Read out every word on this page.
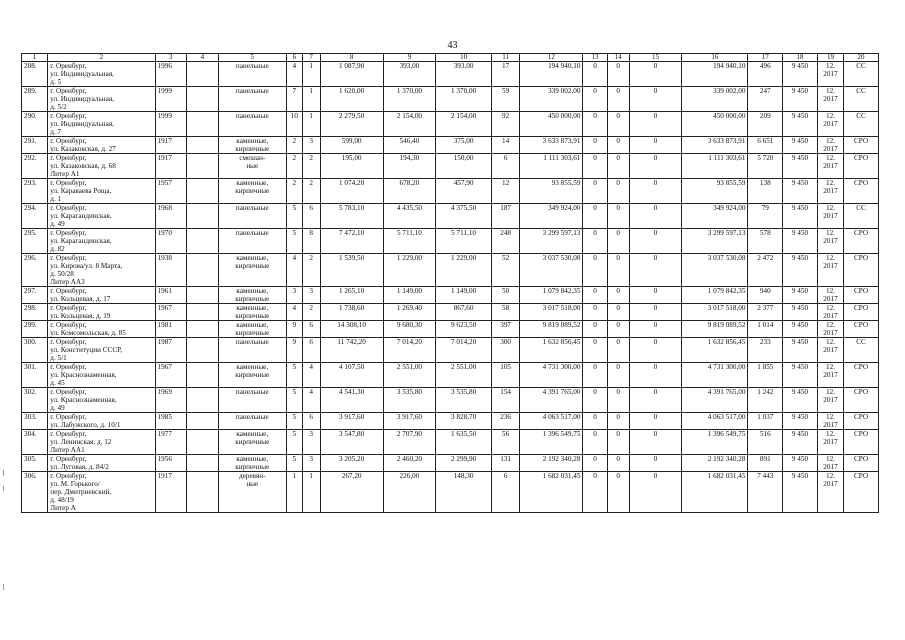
43
1	2	3	4	5	6	7	8	9	10	11	12	13	14	15	16	17	18	19	20
288.	г. Оренбург,
ул. Индивидуальная,
д. 5	1996		панельные	4	1	1 087,90	393,00	393,00	17	194 940,10	0	0	0	194 940,10	496	9 450	12.
2017	СС
289.	г. Оренбург,
ул. Индивидуальная,
д. 5/2	1999		панельные	7	1	1 620,00	1 370,00	1 370,00	59	339 002,00	0	0	0	339 002,00	247	9 450	12.
2017	СС
290.	г. Оренбург,
ул. Индивидуальная,
д. 7	1999		панельные	10	1	2 279,50	2 154,00	2 154,00	92	450 000,00	0	0	0	450 000,00	209	9 450	12.
2017	СС
291.	г. Оренбург,
ул. Казаковская, д. 27	1917		каменные,
кирпичные	2	3	599,00	546,40	375,00	14	3 633 873,91	0	0	0	3 633 873,91	6 651	9 450	12.
2017	СРО
292.	г. Оренбург,
ул. Казаковская, д. 68
Литер А1	1917		смешан-
ные	2	2	195,00	194,30	150,00	6	1 111 303,61	0	0	0	1 111 303,61	5 720	9 450	12.
2017	СРО
293.	г. Оренбург,
ул. Караваева Роща,
д. 1	1957		каменные,
кирпичные	2	2	1 074,20	678,20	457,90	12	93 855,59	0	0	0	93 855,59	138	9 450	12.
2017	СРО
294.	г. Оренбург,
ул. Карагандинская,
д. 49	1968		панельные	5	6	5 783,10	4 435,50	4 375,50	187	349 924,00	0	0	0	349 924,00	79	9 450	12.
2017	СС
295.	г. Оренбург,
ул. Карагандинская,
д. 82	1970		панельные	5	8	7 472,10	5 711,10	5 711,10	248	3 299 597,13	0	0	0	3 299 597,13	578	9 450	12.
2017	СРО
296.	г. Оренбург,
ул. Кирова/ул. 8 Марта,
д. 50/28
Литер АА3	1938		каменные,
кирпичные	4	2	1 539,50	1 229,00	1 229,00	52	3 037 530,08	0	0	0	3 037 530,08	2 472	9 450	12.
2017	СРО
297.	г. Оренбург,
ул. Кольцевая, д. 17	1961		каменные,
кирпичные	3	3	1 265,10	1 149,00	1 149,00	50	1 079 842,35	0	0	0	1 079 842,35	940	9 450	12.
2017	СРО
298.	г. Оренбург,
ул. Кольцевая, д. 19	1967		каменные,
кирпичные	4	2	1 738,60	1 269,40	867,60	58	3 017 518,00	0	0	0	3 017 518,00	2 377	9 450	12.
2017	СРО
299.	г. Оренбург,
ул. Комсомольская, д. 85	1981		каменные,
кирпичные	9	6	14 308,10	9 680,30	9 623,50	397	9 819 089,52	0	0	0	9 819 089,52	1 014	9 450	12.
2017	СРО
300.	г. Оренбург,
ул. Конституции СССР,
д. 5/1	1987		панельные	9	6	11 742,20	7 014,20	7 014,20	300	1 632 856,45	0	0	0	1 632 856,45	233	9 450	12.
2017	СС
301.	г. Оренбург,
ул. Краснознаменная,
д. 45	1967		каменные,
кирпичные	5	4	4 107,50	2 551,00	2 551,00	105	4 731 300,00	0	0	0	4 731 300,00	1 855	9 450	12.
2017	СРО
302.	г. Оренбург,
ул. Краснознаменная,
д. 49	1969		панельные	5	4	4 541,30	3 535,80	3 535,80	154	4 391 765,00	0	0	0	4 391 765,00	1 242	9 450	12.
2017	СРО
303.	г. Оренбург,
ул. Лабужского, д. 10/1	1985		панельные	5	6	3 917,60	3 917,60	3 828,70	236	4 063 517,00	0	0	0	4 063 517,00	1 037	9 450	12.
2017	СРО
304.	г. Оренбург,
ул. Ленинская, д. 12
Литер АА1	1977		каменные,
кирпичные	5	3	3 547,80	2 707,90	1 635,50	56	1 396 549,75	0	0	0	1 396 549,75	516	9 450	12.
2017	СРО
305.	г. Оренбург,
ул. Луговая, д. 84/2	1956		каменные,
кирпичные	5	3	3 205,20	2 460,20	2 299,90	131	2 192 340,28	0	0	0	2 192 340,28	891	9 450	12.
2017	СРО
306.	г. Оренбург,
ул. М. Горького/
пер. Дмитриевский,
д. 48/19
Литер А	1917		деревян-
ные	1	1	267,20	226,00	148,30	6	1 682 031,45	0	0	0	1 682 031,45	7 443	9 450	12.
2017	СРО
